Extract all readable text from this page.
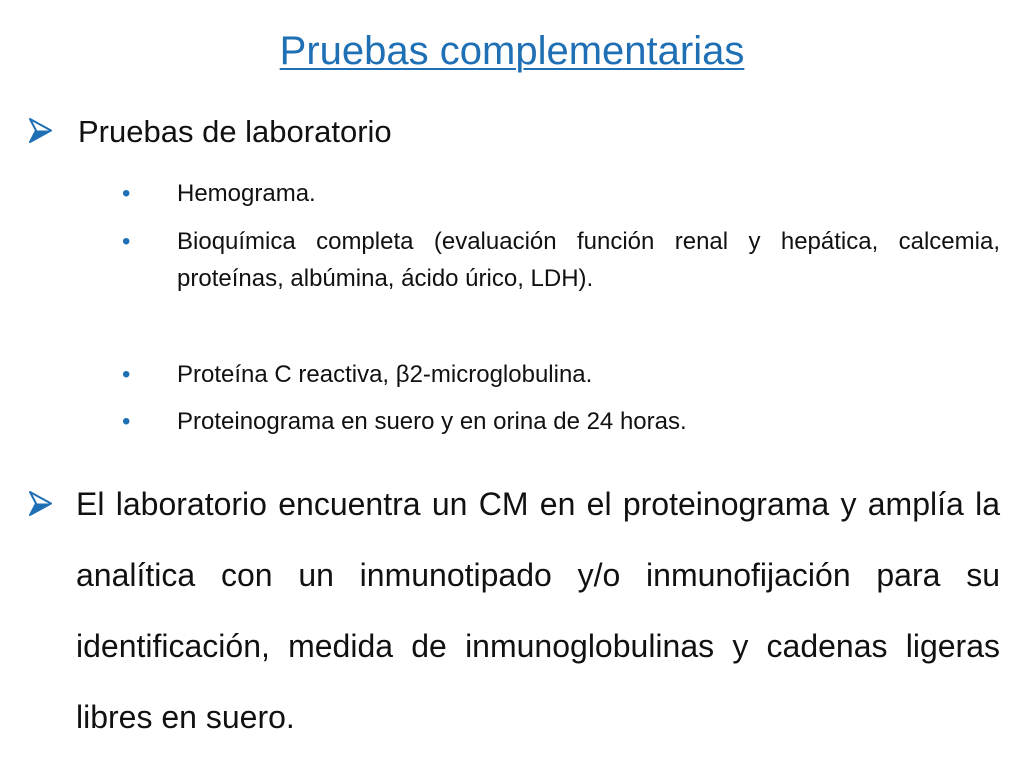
Pruebas complementarias
Pruebas de laboratorio
• Hemograma.
• Bioquímica completa (evaluación función renal y hepática, calcemia, proteínas, albúmina, ácido úrico, LDH).
• Proteína C reactiva, β2-microglobulina.
• Proteinograma en suero y en orina de 24 horas.
El laboratorio encuentra un CM en el proteinograma y amplía la analítica con un inmunotipado y/o inmunofijación para su identificación, medida de inmunoglobulinas y cadenas ligeras libres en suero.
